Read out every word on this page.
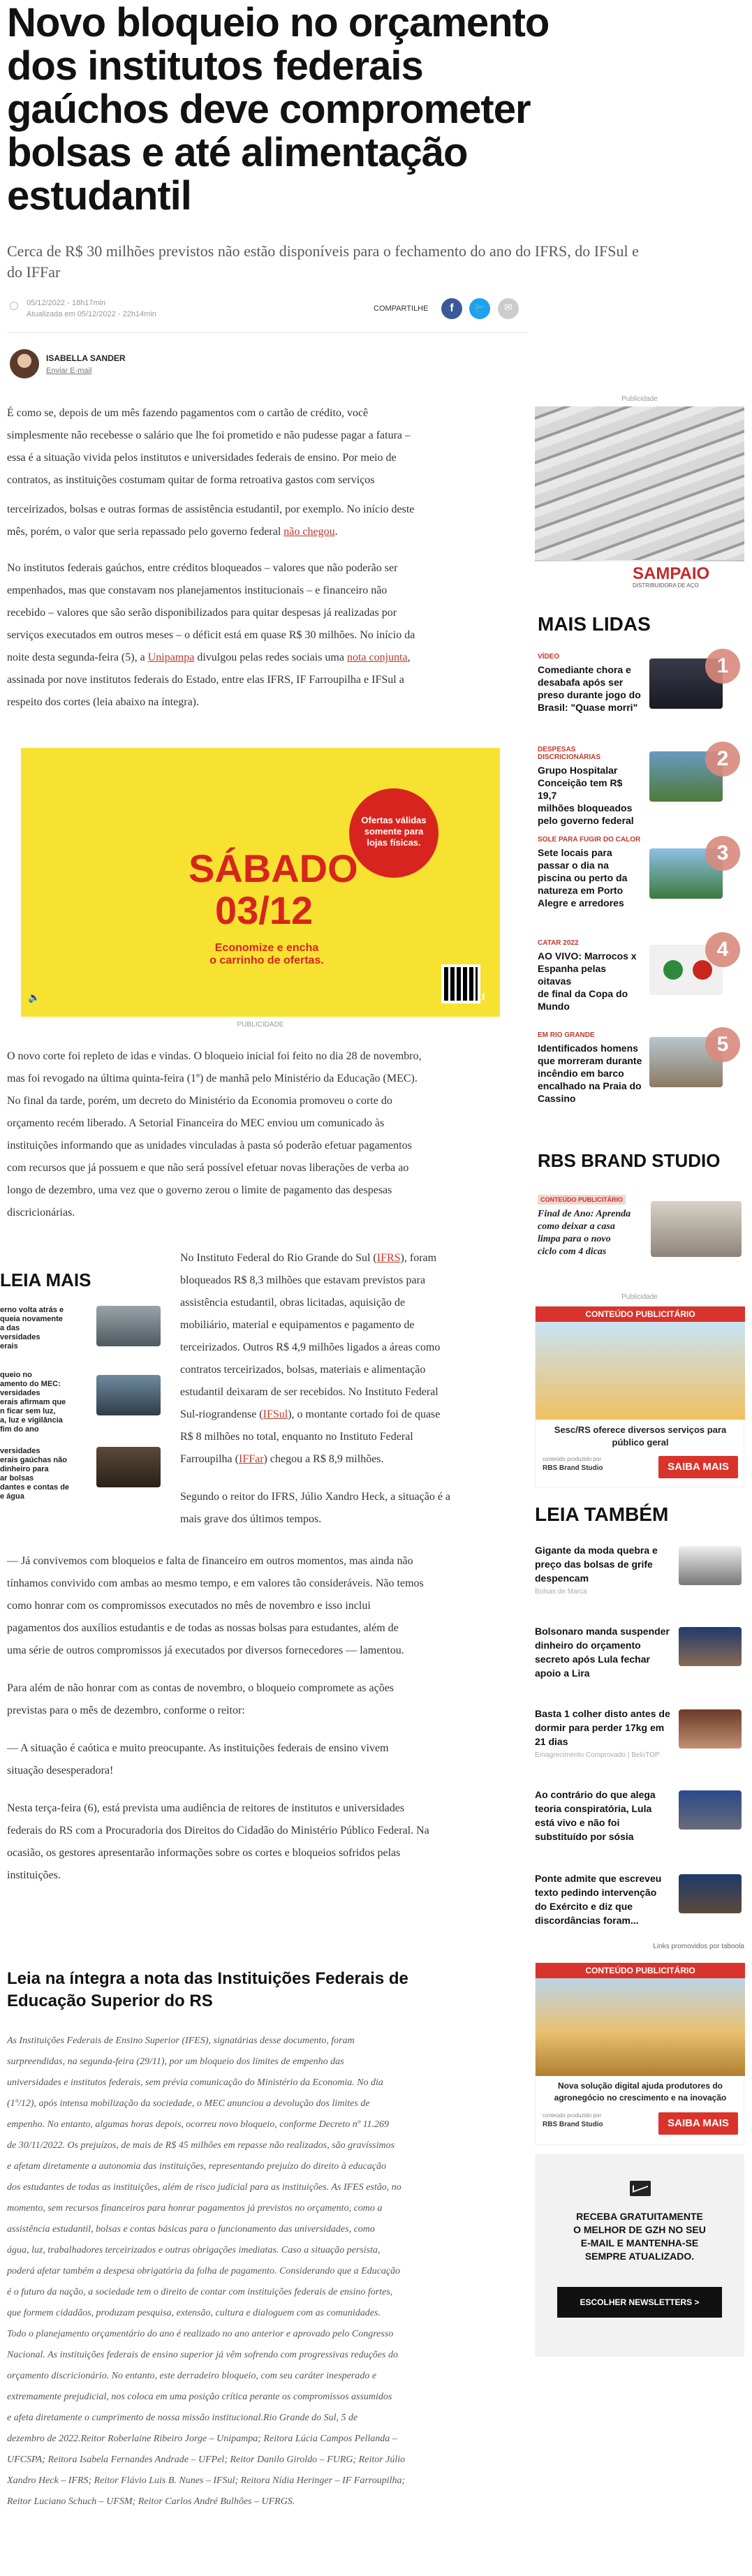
Novo bloqueio no orçamento
dos institutos federais
gaúchos deve comprometer
bolsas e até alimentação
estudantil
Cerca de R$ 30 milhões previstos não estão disponíveis para o fechamento do ano do IFRS, do IFSul e
do IFFar
05/12/2022 - 18h17min
Atualizada em 05/12/2022 - 22h14min
COMPARTILHE	f	🐦	✉
ISABELLA SANDER
Enviar E-mail

É como se, depois de um mês fazendo pagamentos com o cartão de crédito, você

simplesmente não recebesse o salário que lhe foi prometido e não pudesse pagar a fatura –

essa é a situação vivida pelos institutos e universidades federais de ensino. Por meio de

contratos, as instituições costumam quitar de forma retroativa gastos com serviços

terceirizados, bolsas e outras formas de assistência estudantil, por exemplo. No início deste

mês, porém, o valor que seria repassado pelo governo federal não chegou.

No institutos federais gaúchos, entre créditos bloqueados – valores que não poderão ser

empenhados, mas que constavam nos planejamentos institucionais – e financeiro não

recebido – valores que são serão disponibilizados para quitar despesas já realizadas por

serviços executados em outros meses – o déficit está em quase R$ 30 milhões. No início da

noite desta segunda-feira (5), a Unipampa divulgou pelas redes sociais uma nota conjunta,

assinada por nove institutos federais do Estado, entre elas IFRS, IF Farroupilha e IFSul a

respeito dos cortes (leia abaixo na íntegra).

Ofertas válidas
somente para
lojas físicas.
SÁBADO
03/12
Economize e encha
o carrinho de ofertas.
🔈	II
PUBLICIDADE

O novo corte foi repleto de idas e vindas. O bloqueio inicial foi feito no dia 28 de novembro,

mas foi revogado na última quinta-feira (1º) de manhã pelo Ministério da Educação (MEC).

No final da tarde, porém, um decreto do Ministério da Economia promoveu o corte do

orçamento recém liberado. A Setorial Financeira do MEC enviou um comunicado às

instituições informando que as unidades vinculadas à pasta só poderão efetuar pagamentos

com recursos que já possuem e que não será possível efetuar novas liberações de verba ao

longo de dezembro, uma vez que o governo zerou o limite de pagamento das despesas

discricionárias.

LEIA MAIS
erno volta atrás e
queia novamente
a das
versidades
erais
queio no
amento do MEC:
versidades
erais afirmam que
n ficar sem luz,
a, luz e vigilância
fim do ano
versidades
erais gaúchas não
dinheiro para
ar bolsas
dantes e contas de
e água

No Instituto Federal do Rio Grande do Sul (IFRS), foram

bloqueados R$ 8,3 milhões que estavam previstos para

assistência estudantil, obras licitadas, aquisição de

mobiliário, material e equipamentos e pagamento de

terceirizados. Outros R$ 4,9 milhões ligados a áreas como

contratos terceirizados, bolsas, materiais e alimentação

estudantil deixaram de ser recebidos. No Instituto Federal

Sul-riograndense (IFSul), o montante cortado foi de quase

R$ 8 milhões no total, enquanto no Instituto Federal

Farroupilha (IFFar) chegou a R$ 8,9 milhões.

Segundo o reitor do IFRS, Júlio Xandro Heck, a situação é a

mais grave dos últimos tempos.

— Já convivemos com bloqueios e falta de financeiro em outros momentos, mas ainda não

tínhamos convivido com ambas ao mesmo tempo, e em valores tão consideráveis. Não temos

como honrar com os compromissos executados no mês de novembro e isso inclui

pagamentos dos auxílios estudantis e de todas as nossas bolsas para estudantes, além de

uma série de outros compromissos já executados por diversos fornecedores — lamentou.

Para além de não honrar com as contas de novembro, o bloqueio compromete as ações

previstas para o mês de dezembro, conforme o reitor:

— A situação é caótica e muito preocupante. As instituições federais de ensino vivem

situação desesperadora!

Nesta terça-feira (6), está prevista uma audiência de reitores de institutos e universidades

federais do RS com a Procuradoria dos Direitos do Cidadão do Ministério Público Federal. Na

ocasião, os gestores apresentarão informações sobre os cortes e bloqueios sofridos pelas

instituições.

Leia na íntegra a nota das Instituições Federais de
Educação Superior do RS
As Instituições Federais de Ensino Superior (IFES), signatárias desse documento, foram
surpreendidas, na segunda-feira (29/11), por um bloqueio dos limites de empenho das
universidades e institutos federais, sem prévia comunicação do Ministério da Economia. No dia
(1º/12), após intensa mobilização da sociedade, o MEC anunciou a devolução dos limites de
empenho. No entanto, algumas horas depois, ocorreu novo bloqueio, conforme Decreto nº 11.269
de 30/11/2022. Os prejuízos, de mais de R$ 45 milhões em repasse não realizados, são gravíssimos
e afetam diretamente a autonomia das instituições, representando prejuízo do direito à educação
dos estudantes de todas as instituições, além de risco judicial para as instituições. As IFES estão, no
momento, sem recursos financeiros para honrar pagamentos já previstos no orçamento, como a
assistência estudantil, bolsas e contas básicas para o funcionamento das universidades, como
água, luz, trabalhadores terceirizados e outras obrigações imediatas. Caso a situação persista,
poderá afetar também a despesa obrigatória da folha de pagamento. Considerando que a Educação
é o futuro da nação, a sociedade tem o direito de contar com instituições federais de ensino fortes,
que formem cidadãos, produzam pesquisa, extensão, cultura e dialoguem com as comunidades.
Todo o planejamento orçamentário do ano é realizado no ano anterior e aprovado pelo Congresso
Nacional. As instituições federais de ensino superior já vêm sofrendo com progressivas reduções do
orçamento discricionário. No entanto, este derradeiro bloqueio, com seu caráter inesperado e
extremamente prejudicial, nos coloca em uma posição crítica perante os compromissos assumidos
e afeta diretamente o cumprimento de nossa missão institucional.Rio Grande do Sul, 5 de
dezembro de 2022.Reitor Roberlaine Ribeiro Jorge – Unipampa; Reitora Lúcia Campos Pellanda –
UFCSPA; Reitora Isabela Fernandes Andrade – UFPel; Reitor Danilo Giroldo – FURG; Reitor Júlio
Xandro Heck – IFRS; Reitor Flávio Luis B. Nunes – IFSul; Reitora Nídia Heringer – IF Farroupilha;
Reitor Luciano Schuch – UFSM; Reitor Carlos André Bulhões – UFRGS.
Publicidade
SAMPAIO
DISTRIBUIDORA DE AÇO
MAIS LIDAS
VÍDEO
Comediante chora e
desabafa após ser
preso durante jogo do
Brasil: "Quase morri"
1
DESPESAS DISCRICIONÁRIAS
Grupo Hospitalar
Conceição tem R$ 19,7
milhões bloqueados
pelo governo federal
2
SOLE PARA FUGIR DO CALOR
Sete locais para
passar o dia na
piscina ou perto da
natureza em Porto
Alegre e arredores
3
CATAR 2022
AO VIVO: Marrocos x
Espanha pelas oitavas
de final da Copa do
Mundo
4
EM RIO GRANDE
Identificados homens
que morreram durante
incêndio em barco
encalhado na Praia do
Cassino
5
RBS BRAND STUDIO
CONTEÚDO PUBLICITÁRIO
Final de Ano: Aprenda
como deixar a casa
limpa para o novo
ciclo com 4 dicas
Publicidade
CONTEÚDO PUBLICITÁRIO
Sesc/RS oferece diversos serviços para
público geral
conteúdo produzido por
RBS Brand Studio	SAIBA MAIS
LEIA TAMBÉM
Gigante da moda quebra e
preço das bolsas de grife
despencam
Bolsas de Marca
Bolsonaro manda suspender
dinheiro do orçamento
secreto após Lula fechar
apoio a Lira
Basta 1 colher disto antes de
dormir para perder 17kg em
21 dias
Emagrecimento Comprovado | BeloTOP
Ao contrário do que alega
teoria conspiratória, Lula
está vivo e não foi
substituído por sósia
Ponte admite que escreveu
texto pedindo intervenção
do Exército e diz que
discordâncias foram...
Links promovidos por taboola
CONTEÚDO PUBLICITÁRIO
Nova solução digital ajuda produtores do
agronegócio no crescimento e na inovação
conteúdo produzido por
RBS Brand Studio	SAIBA MAIS
RECEBA GRATUITAMENTE
O MELHOR DE GZH NO SEU
E-MAIL E MANTENHA-SE
SEMPRE ATUALIZADO.
ESCOLHER NEWSLETTERS >
